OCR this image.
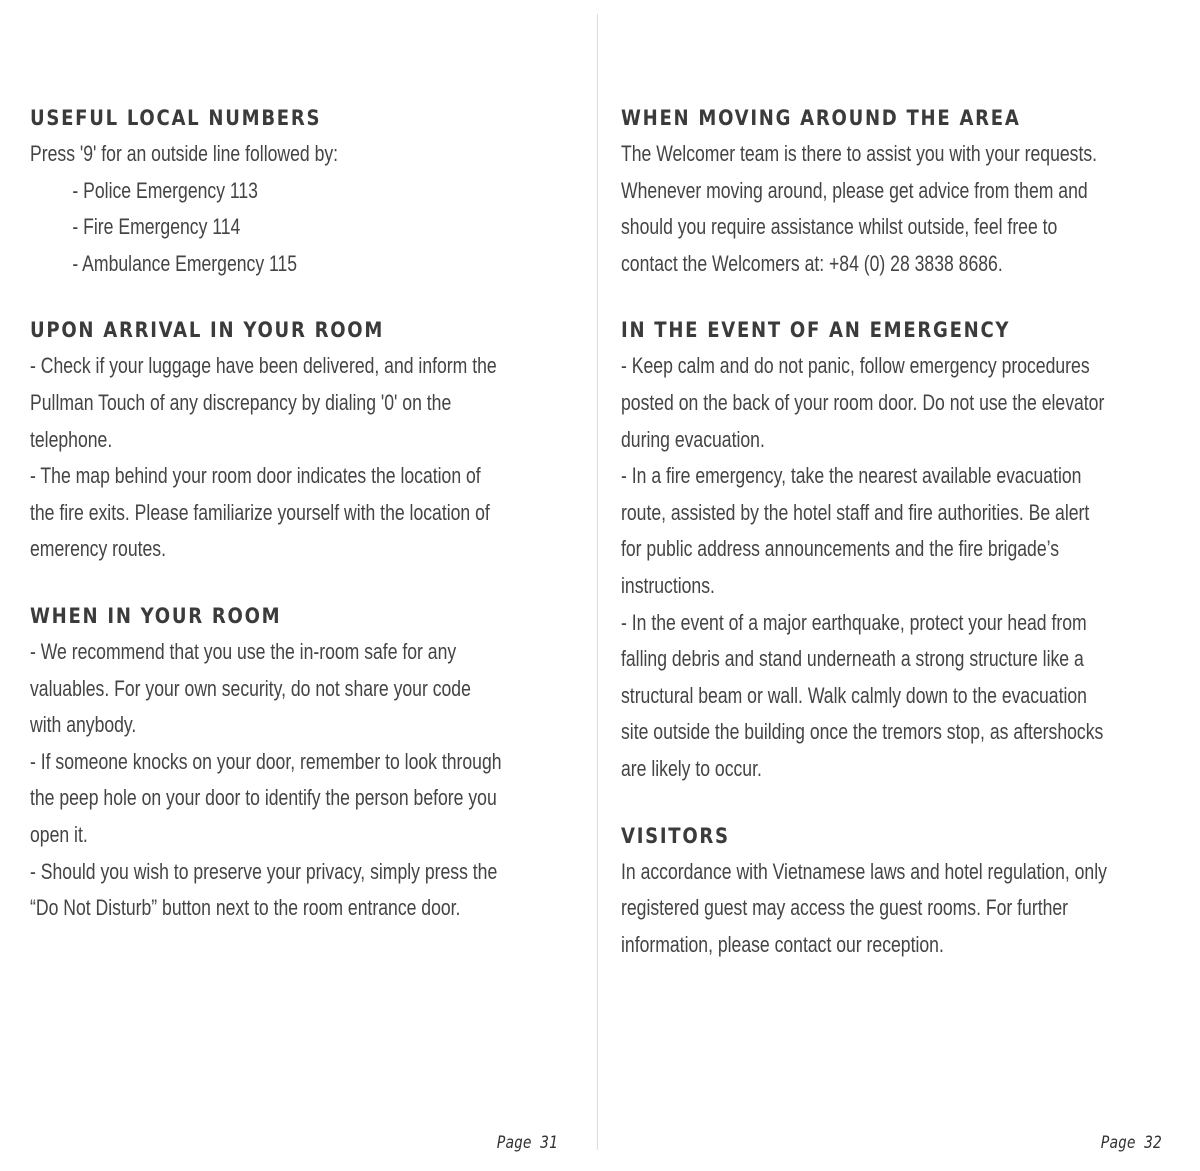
USEFUL LOCAL NUMBERS

Press '9' for an outside line followed by:
- Police Emergency 113
- Fire Emergency 114
- Ambulance Emergency 115

UPON ARRIVAL IN YOUR ROOM

- Check if your luggage have been delivered, and inform the
Pullman Touch of any discrepancy by dialing '0' on the
telephone.
- The map behind your room door indicates the location of
the fire exits. Please familiarize yourself with the location of
emerency routes.

WHEN IN YOUR ROOM

- We recommend that you use the in-room safe for any
valuables. For your own security, do not share your code
with anybody.
- If someone knocks on your door, remember to look through
the peep hole on your door to identify the person before you
open it.
- Should you wish to preserve your privacy, simply press the
“Do Not Disturb” button next to the room entrance door.

Page 31
WHEN MOVING AROUND THE AREA

The Welcomer team is there to assist you with your requests.
Whenever moving around, please get advice from them and
should you require assistance whilst outside, feel free to
contact the Welcomers at: +84 (0) 28 3838 8686.

IN THE EVENT OF AN EMERGENCY

- Keep calm and do not panic, follow emergency procedures
posted on the back of your room door. Do not use the elevator
during evacuation.
- In a fire emergency, take the nearest available evacuation
route, assisted by the hotel staff and fire authorities. Be alert
for public address announcements and the fire brigade’s
instructions.
- In the event of a major earthquake, protect your head from
falling debris and stand underneath a strong structure like a
structural beam or wall. Walk calmly down to the evacuation
site outside the building once the tremors stop, as aftershocks
are likely to occur.

VISITORS

In accordance with Vietnamese laws and hotel regulation, only
registered guest may access the guest rooms. For further
information, please contact our reception.

Page 32
